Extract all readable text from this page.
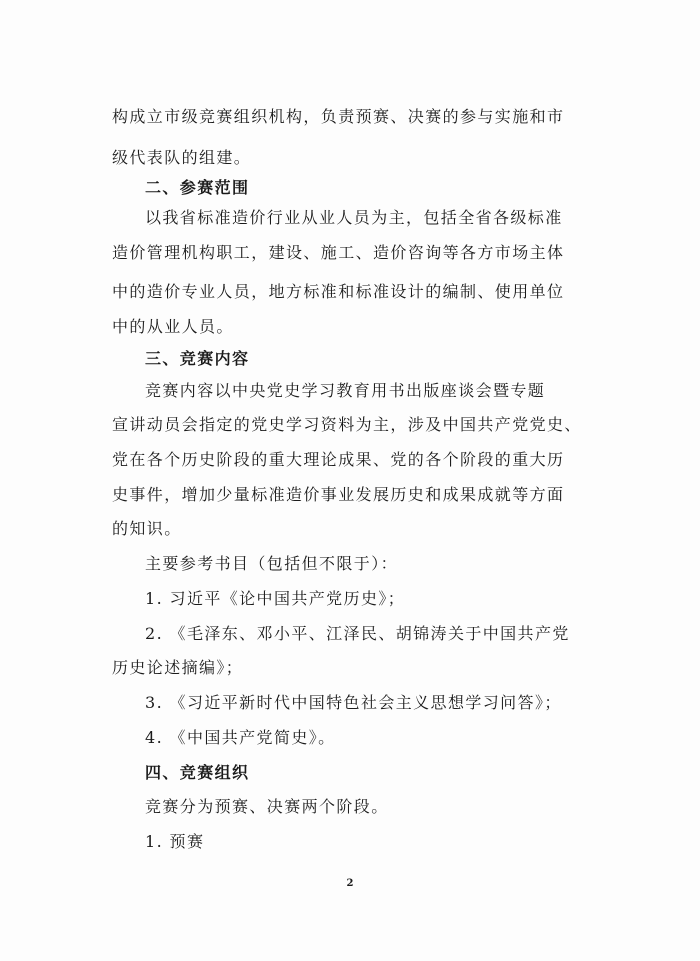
构成立市级竞赛组织机构，负责预赛、决赛的参与实施和市
级代表队的组建。
二、参赛范围
以我省标准造价行业从业人员为主，包括全省各级标准
造价管理机构职工，建设、施工、造价咨询等各方市场主体
中的造价专业人员，地方标准和标准设计的编制、使用单位
中的从业人员。
三、竞赛内容
竞赛内容以中央党史学习教育用书出版座谈会暨专题
宣讲动员会指定的党史学习资料为主，涉及中国共产党党史、
党在各个历史阶段的重大理论成果、党的各个阶段的重大历
史事件，增加少量标准造价事业发展历史和成果成就等方面
的知识。
主要参考书目（包括但不限于）：
1. 习近平《论中国共产党历史》；
2. 《毛泽东、邓小平、江泽民、胡锦涛关于中国共产党
历史论述摘编》；
3. 《习近平新时代中国特色社会主义思想学习问答》；
4. 《中国共产党简史》。
四、竞赛组织
竞赛分为预赛、决赛两个阶段。
1. 预赛
2
